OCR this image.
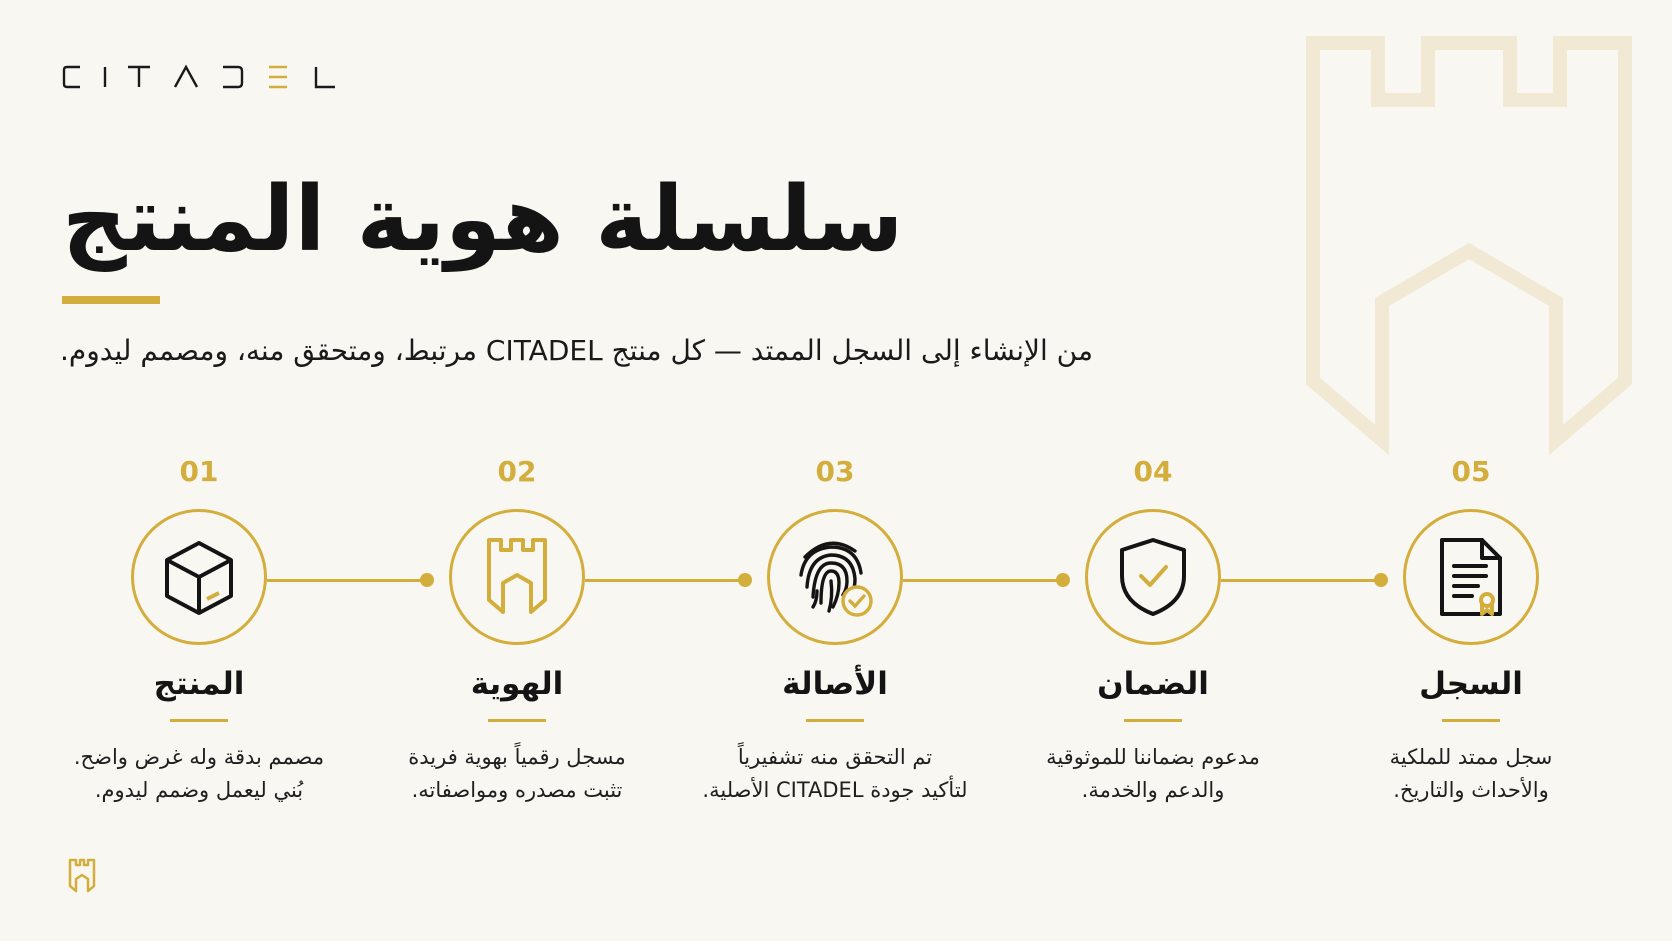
سلسلة هوية المنتج
من الإنشاء إلى السجل الممتد — كل منتج CITADEL مرتبط، ومتحقق منه، ومصمم ليدوم.
01
المنتج
مصمم بدقة وله غرض واضح.
بُني ليعمل وضمم ليدوم.
02
الهوية
مسجل رقمياً بهوية فريدة
تثبت مصدره ومواصفاته.
03
الأصالة
تم التحقق منه تشفيرياً
لتأكيد جودة CITADEL الأصلية.
04
الضمان
مدعوم بضماننا للموثوقية
والدعم والخدمة.
05
السجل
سجل ممتد للملكية
والأحداث والتاريخ.
